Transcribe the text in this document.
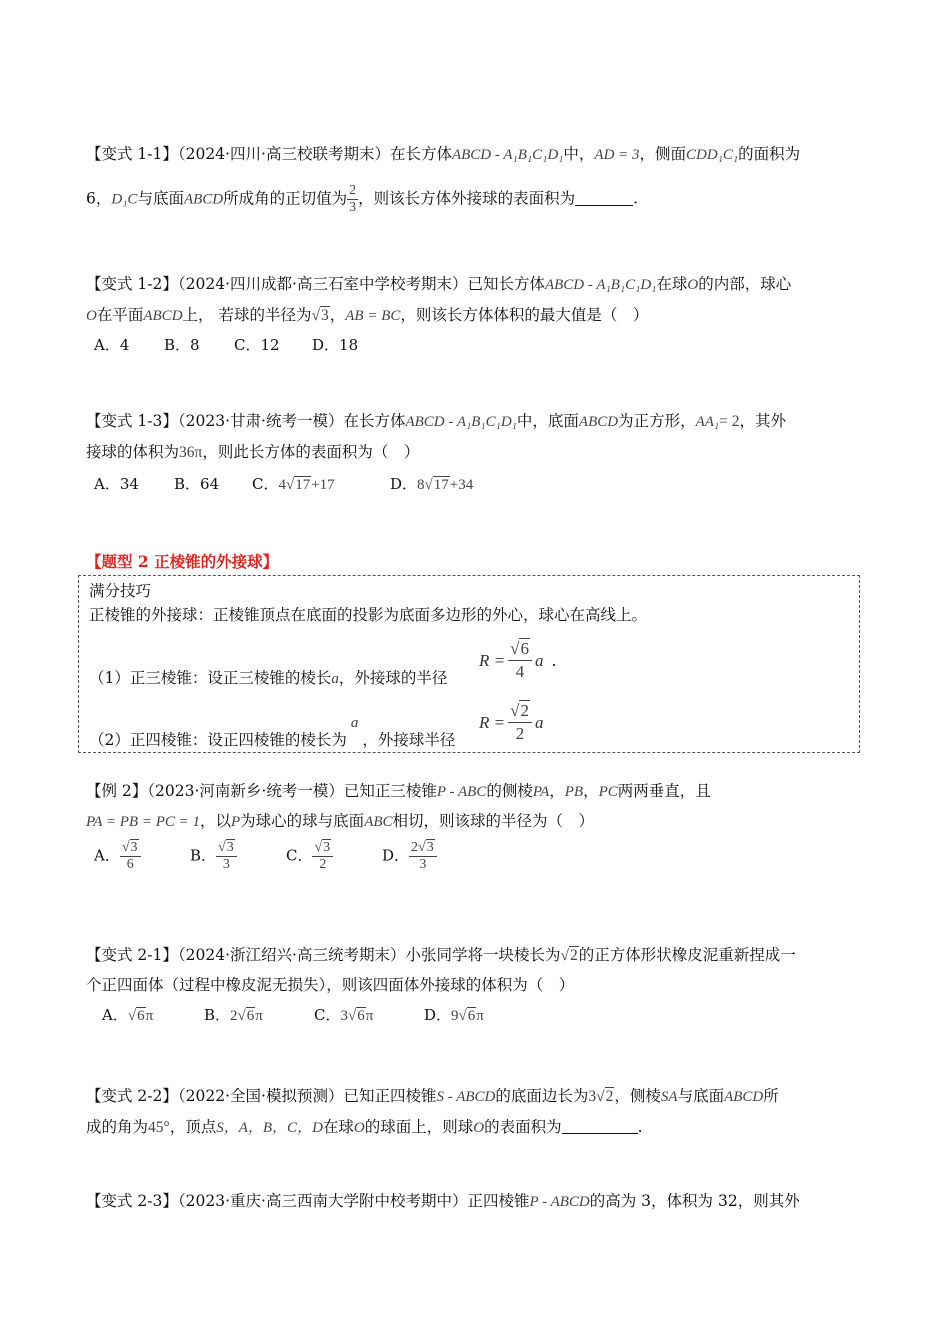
【变式 1-1】（2024·四川·高三校联考期末）在长方体ABCD - A₁B₁C₁D₁中，AD = 3，侧面CDD₁C₁的面积为
6，D₁C与底面ABCD所成角的正切值为 $\frac{2}{3}$ ，则该长方体外接球的表面积为	.
【变式 1-2】（2024·四川成都·高三石室中学校考期末）已知长方体ABCD - A₁B₁C₁D₁在球O的内部，球心
O在平面ABCD上， 若球的半径为√3，AB = BC，则该长方体体积的最大值是（　）
A．4 B．8 C．12 D．18
【变式 1-3】（2023·甘肃·统考一模）在长方体ABCD - A₁B₁C₁D₁中，底面ABCD为正方形，AA₁= 2，其外
接球的体积为36π，则此长方体的表面积为（　）
A．34 B．64 C．4√17+17	D．8√17+34
【题型 2 正棱锥的外接球】
满分技巧
正棱锥的外接球：正棱锥顶点在底面的投影为底面多边形的外心，球心在高线上。
（1）正三棱锥：设正三棱锥的棱长a，外接球的半径
$R = \frac{√6}{4}$ a .
（2）正四棱锥：设正四棱锥的棱长为a，外接球半径
$R = \frac{√2}{2}$ a
【例 2】（2023·河南新乡·统考一模）已知正三棱锥P - ABC的侧棱PA，PB，PC两两垂直，且
PA = PB = PC = 1，以P为球心的球与底面ABC相切，则该球的半径为（　）
A． $\frac{√3}{6}$	B． $\frac{√3}{3}$	C． $\frac{√3}{2}$	D． $\frac{2√3}{3}$
【变式 2-1】（2024·浙江绍兴·高三统考期末）小张同学将一块棱长为√2的正方体形状橡皮泥重新捏成一
个正四面体（过程中橡皮泥无损失），则该四面体外接球的体积为（　）
A．√6π	B．2√6π	C．3√6π	D．9√6π
【变式 2-2】（2022·全国·模拟预测）已知正四棱锥S - ABCD的底面边长为3√2，侧棱SA与底面ABCD所
成的角为45°，顶点S，A，B，C，D在球O的球面上，则球O的表面积为	.
【变式 2-3】（2023·重庆·高三西南大学附中校考期中）正四棱锥P - ABCD的高为 3，体积为 32，则其外
